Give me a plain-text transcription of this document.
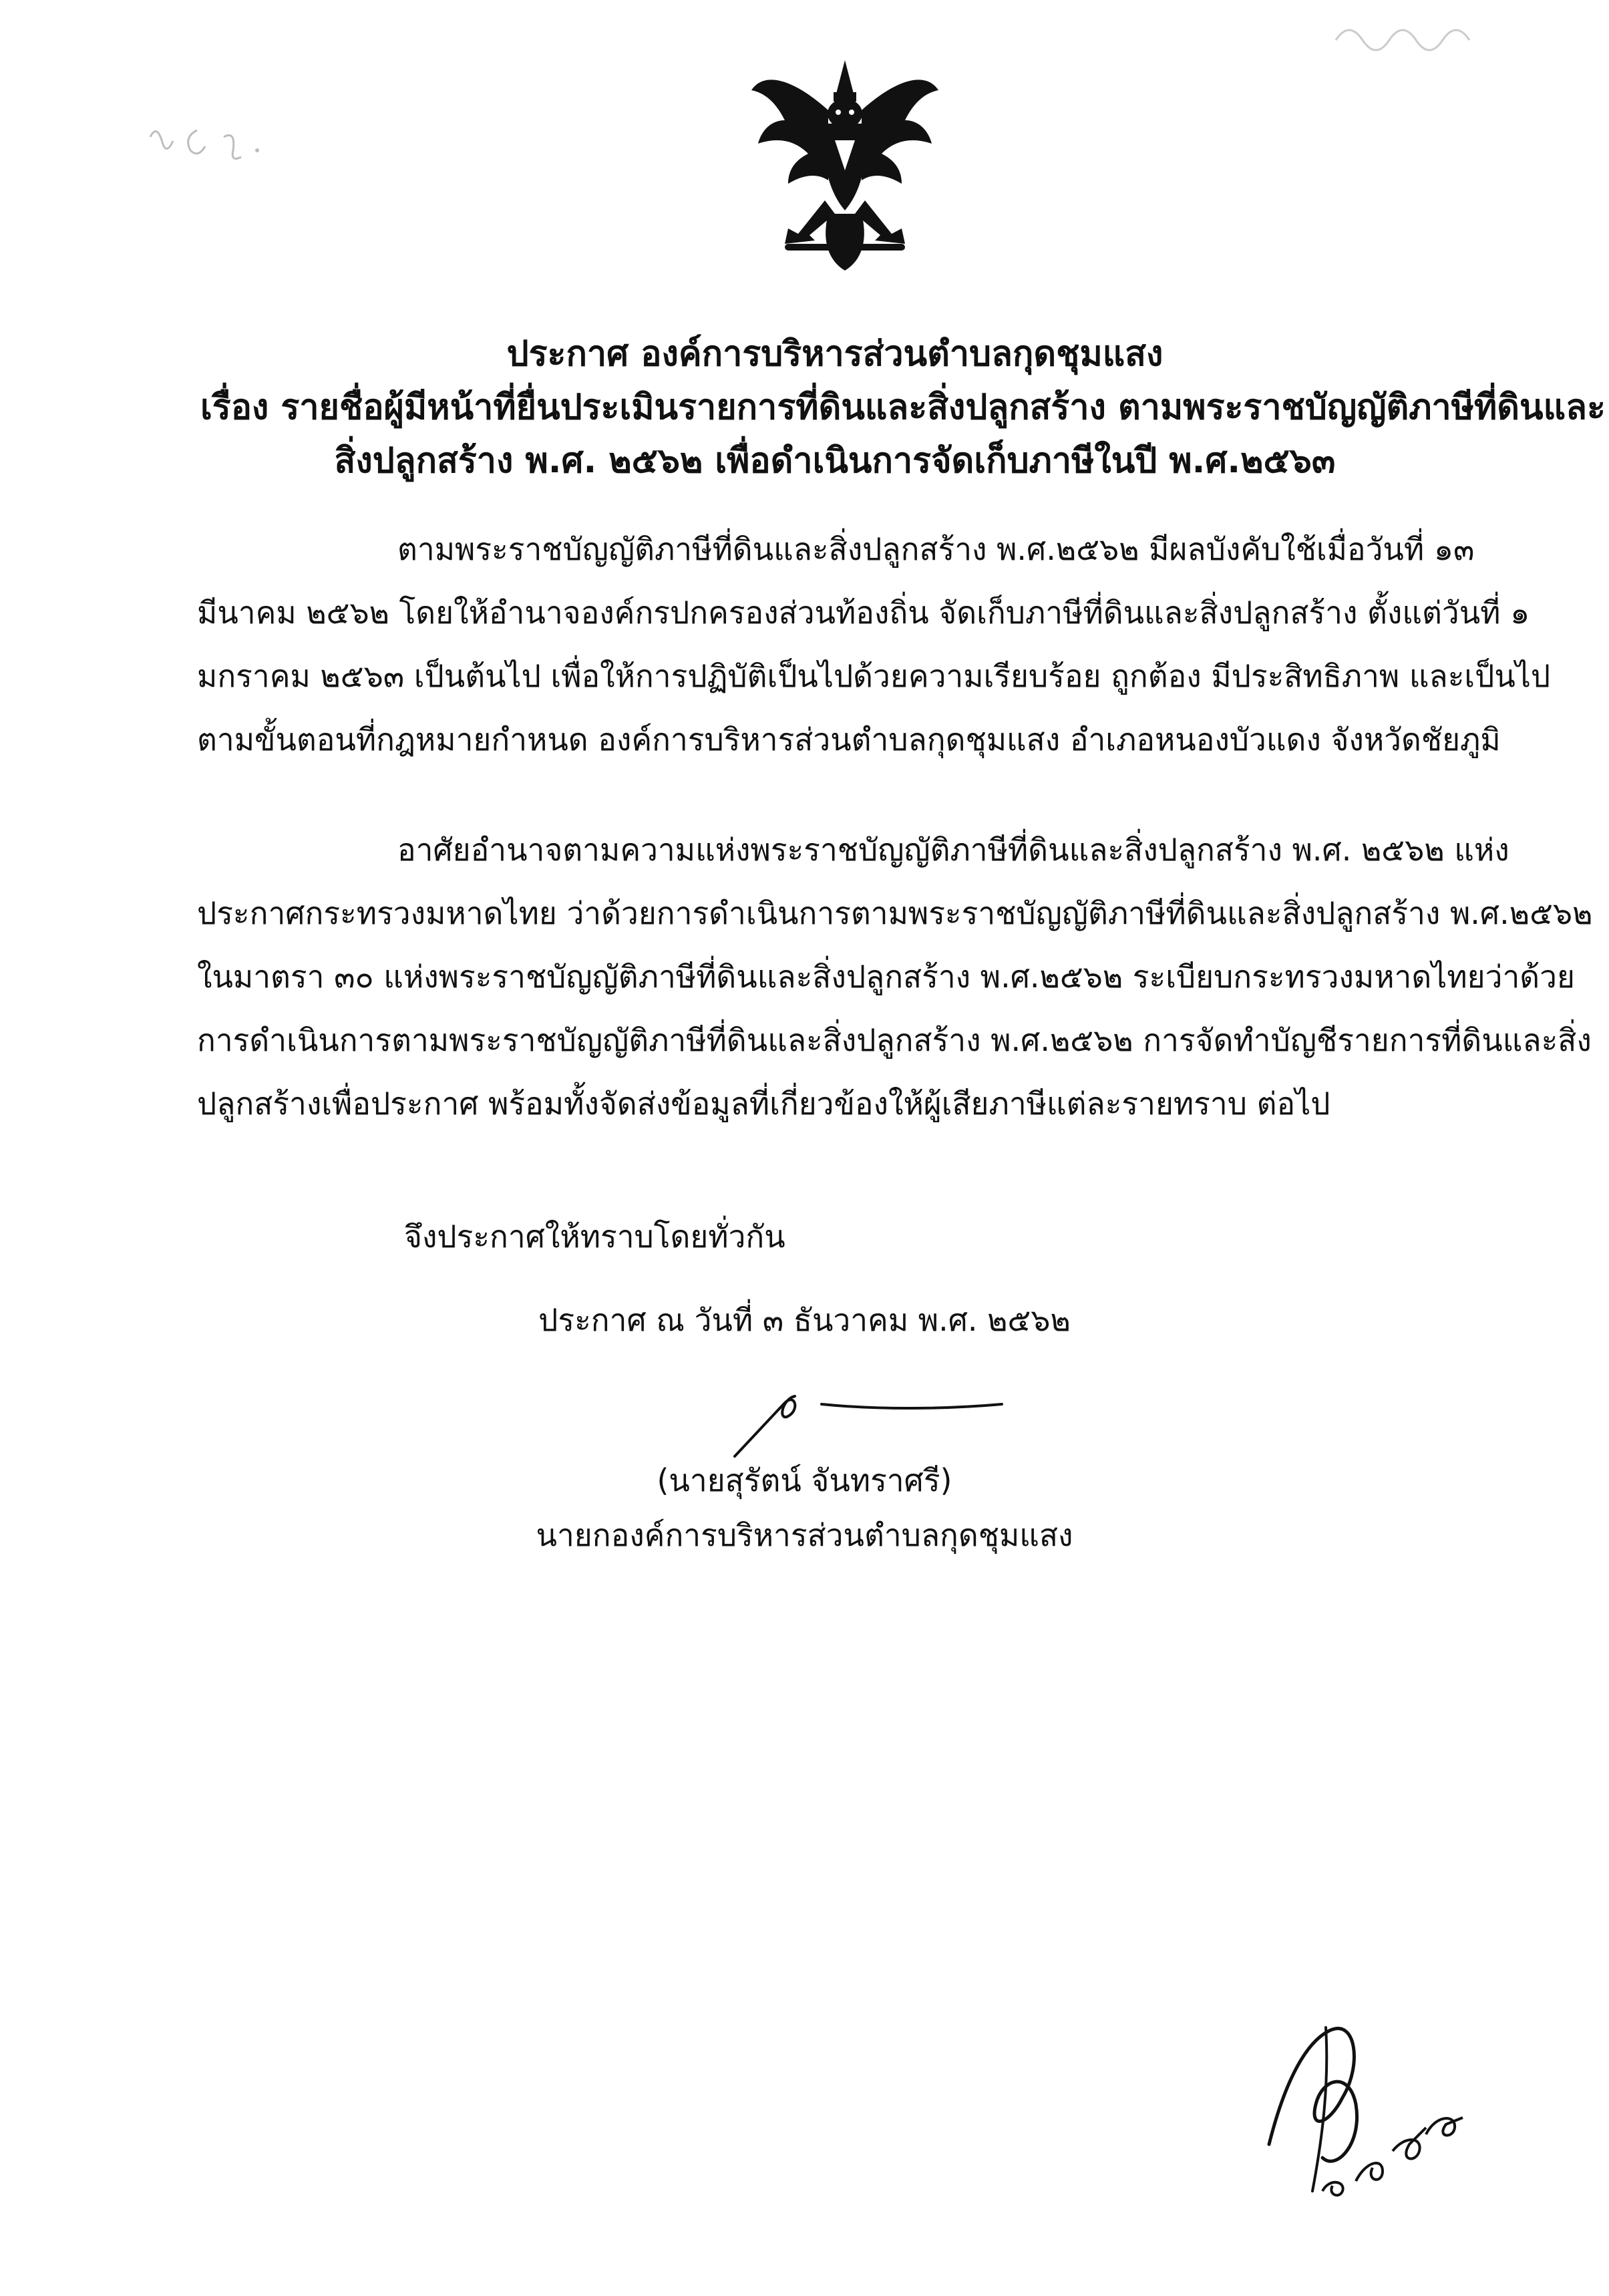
ประกาศ องค์การบริหารส่วนตำบลกุดชุมแสง
เรื่อง รายชื่อผู้มีหน้าที่ยื่นประเมินรายการที่ดินและสิ่งปลูกสร้าง ตามพระราชบัญญัติภาษีที่ดินและ
สิ่งปลูกสร้าง พ.ศ. ๒๕๖๒ เพื่อดำเนินการจัดเก็บภาษีในปี พ.ศ.๒๕๖๓
ตามพระราชบัญญัติภาษีที่ดินและสิ่งปลูกสร้าง พ.ศ.๒๕๖๒ มีผลบังคับใช้เมื่อวันที่ ๑๓
มีนาคม ๒๕๖๒ โดยให้อำนาจองค์กรปกครองส่วนท้องถิ่น จัดเก็บภาษีที่ดินและสิ่งปลูกสร้าง ตั้งแต่วันที่ ๑
มกราคม ๒๕๖๓ เป็นต้นไป เพื่อให้การปฏิบัติเป็นไปด้วยความเรียบร้อย ถูกต้อง มีประสิทธิภาพ และเป็นไป
ตามขั้นตอนที่กฎหมายกำหนด องค์การบริหารส่วนตำบลกุดชุมแสง อำเภอหนองบัวแดง จังหวัดชัยภูมิ
อาศัยอำนาจตามความแห่งพระราชบัญญัติภาษีที่ดินและสิ่งปลูกสร้าง พ.ศ. ๒๕๖๒ แห่ง
ประกาศกระทรวงมหาดไทย ว่าด้วยการดำเนินการตามพระราชบัญญัติภาษีที่ดินและสิ่งปลูกสร้าง พ.ศ.๒๕๖๒
ในมาตรา ๓๐ แห่งพระราชบัญญัติภาษีที่ดินและสิ่งปลูกสร้าง พ.ศ.๒๕๖๒ ระเบียบกระทรวงมหาดไทยว่าด้วย
การดำเนินการตามพระราชบัญญัติภาษีที่ดินและสิ่งปลูกสร้าง พ.ศ.๒๕๖๒ การจัดทำบัญชีรายการที่ดินและสิ่ง
ปลูกสร้างเพื่อประกาศ พร้อมทั้งจัดส่งข้อมูลที่เกี่ยวข้องให้ผู้เสียภาษีแต่ละรายทราบ ต่อไป
จึงประกาศให้ทราบโดยทั่วกัน
ประกาศ ณ วันที่ ๓ ธันวาคม พ.ศ. ๒๕๖๒
(นายสุรัตน์ จันทราศรี)
นายกองค์การบริหารส่วนตำบลกุดชุมแสง
